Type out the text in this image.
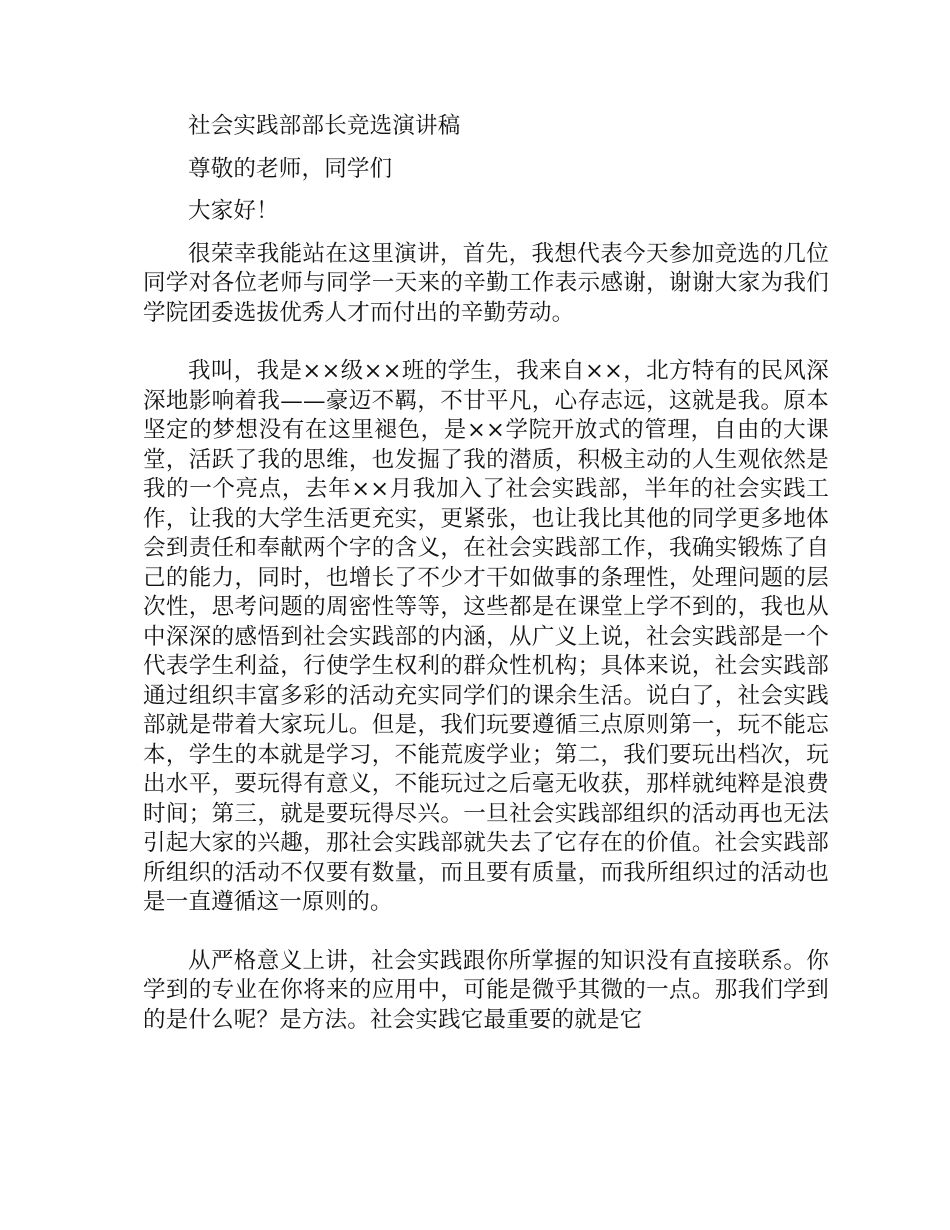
社会实践部部长竞选演讲稿

尊敬的老师，同学们

大家好！

很荣幸我能站在这里演讲，首先，我想代表今天参加竞选的几位同学对各位老师与同学一天来的辛勤工作表示感谢，谢谢大家为我们学院团委选拔优秀人才而付出的辛勤劳动。

我叫，我是××级××班的学生，我来自××，北方特有的民风深深地影响着我——豪迈不羁，不甘平凡，心存志远，这就是我。原本坚定的梦想没有在这里褪色，是××学院开放式的管理，自由的大课堂，活跃了我的思维，也发掘了我的潜质，积极主动的人生观依然是我的一个亮点，去年××月我加入了社会实践部，半年的社会实践工作，让我的大学生活更充实，更紧张，也让我比其他的同学更多地体会到责任和奉献两个字的含义，在社会实践部工作，我确实锻炼了自己的能力，同时，也增长了不少才干如做事的条理性，处理问题的层次性，思考问题的周密性等等，这些都是在课堂上学不到的，我也从中深深的感悟到社会实践部的内涵，从广义上说，社会实践部是一个代表学生利益，行使学生权利的群众性机构；具体来说，社会实践部通过组织丰富多彩的活动充实同学们的课余生活。说白了，社会实践部就是带着大家玩儿。但是，我们玩要遵循三点原则第一，玩不能忘本，学生的本就是学习，不能荒废学业；第二，我们要玩出档次，玩出水平，要玩得有意义，不能玩过之后毫无收获，那样就纯粹是浪费时间；第三，就是要玩得尽兴。一旦社会实践部组织的活动再也无法引起大家的兴趣，那社会实践部就失去了它存在的价值。社会实践部所组织的活动不仅要有数量，而且要有质量，而我所组织过的活动也是一直遵循这一原则的。

从严格意义上讲，社会实践跟你所掌握的知识没有直接联系。你学到的专业在你将来的应用中，可能是微乎其微的一点。那我们学到的是什么呢？是方法。社会实践它最重要的就是它
